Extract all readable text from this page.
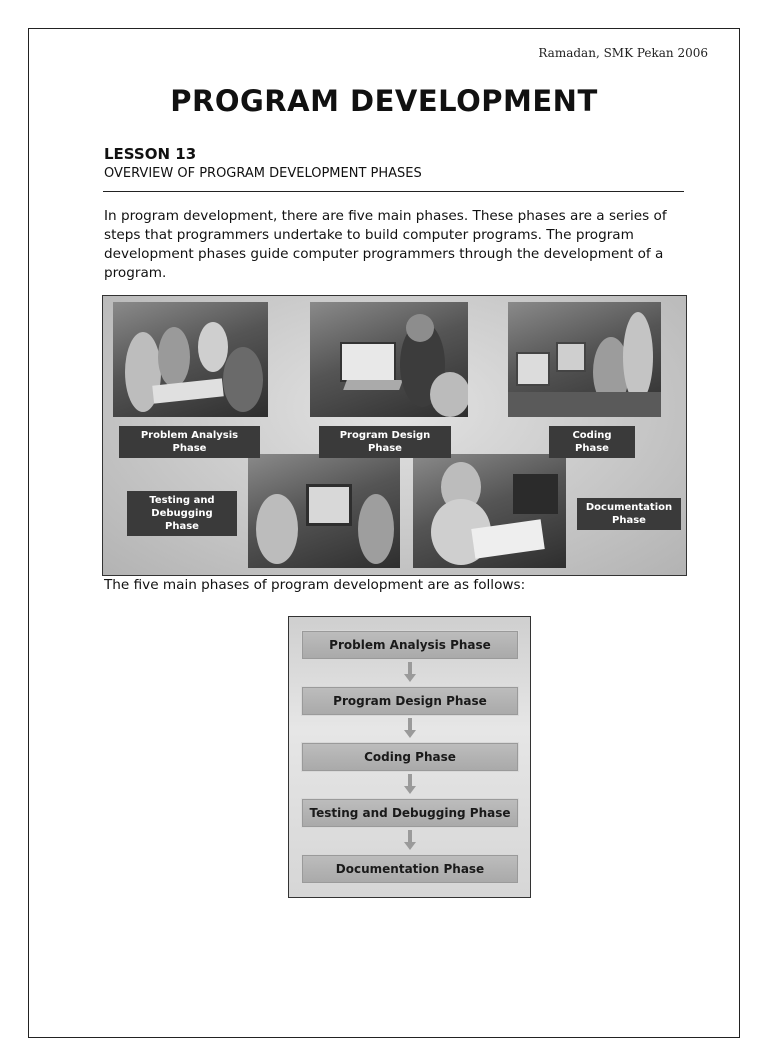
Ramadan, SMK Pekan 2006
PROGRAM DEVELOPMENT
LESSON 13
OVERVIEW OF PROGRAM DEVELOPMENT PHASES
In program development, there are five main phases. These phases are a series of steps that programmers undertake to build computer programs. The program development phases guide computer programmers through the development of a program.
Problem Analysis Phase
Program Design Phase
Coding Phase
Testing and
Debugging Phase
Documentation
Phase
The five main phases of program development are as follows:
Problem Analysis Phase
Program Design Phase
Coding Phase
Testing and Debugging Phase
Documentation Phase
